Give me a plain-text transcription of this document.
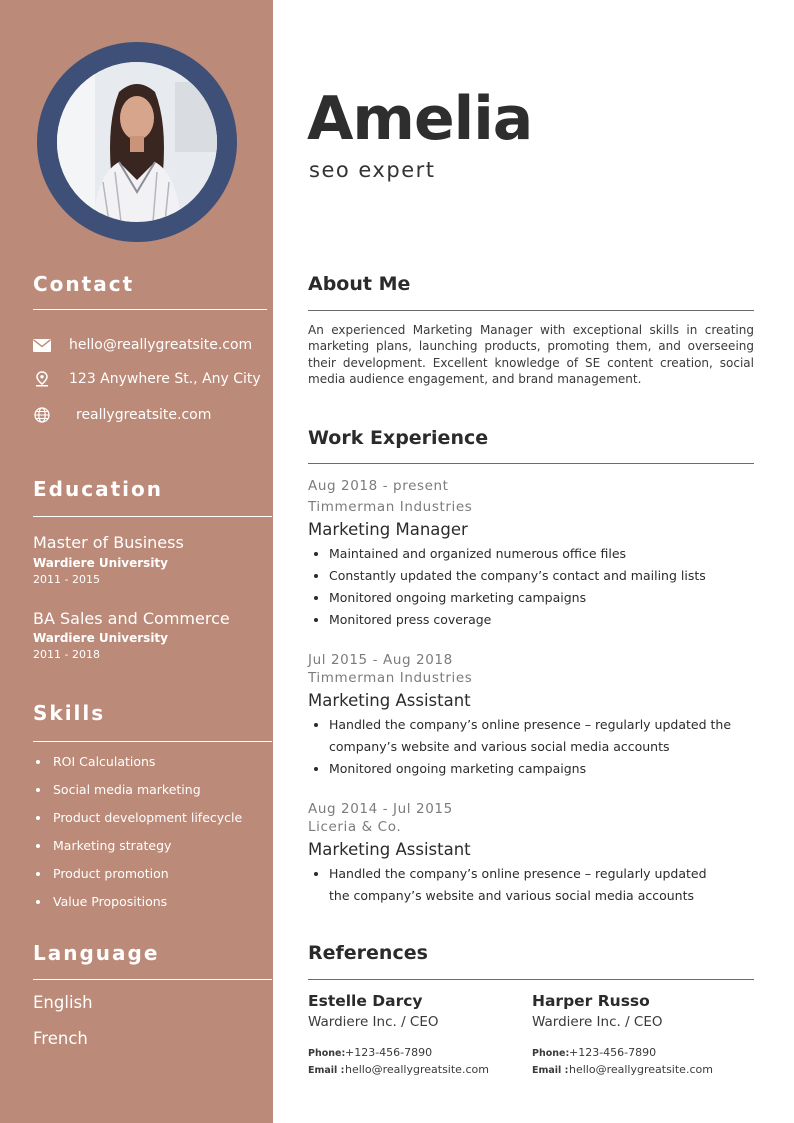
Contact
hello@reallygreatsite.com
123 Anywhere St., Any City
reallygreatsite.com
Education
Master of Business
Wardiere University
2011 - 2015
BA Sales and Commerce
Wardiere University
2011 - 2018
Skills
ROI Calculations
Social media marketing
Product development lifecycle
Marketing strategy
Product promotion
Value Propositions
Language
English
French
Amelia
seo expert
About Me

An experienced Marketing Manager with exceptional skills in creating marketing plans, launching products, promoting them, and overseeing their development. Excellent knowledge of SE content creation, social media audience engagement, and brand management.

Work Experience
Aug 2018 - present
Timmerman Industries
Marketing Manager
Maintained and organized numerous office files
Constantly updated the company’s contact and mailing lists
Monitored ongoing marketing campaigns
Monitored press coverage
Jul 2015 - Aug 2018
Timmerman Industries
Marketing Assistant
Handled the company’s online presence – regularly updated the company’s website and various social media accounts
Monitored ongoing marketing campaigns
Aug 2014 - Jul 2015
Liceria & Co.
Marketing Assistant
Handled the company’s online presence – regularly updated the company’s website and various social media accounts
References
Estelle Darcy
Wardiere Inc. / CEO
Phone:+123-456-7890
Email :hello@reallygreatsite.com
Harper Russo
Wardiere Inc. / CEO
Phone:+123-456-7890
Email :hello@reallygreatsite.com
